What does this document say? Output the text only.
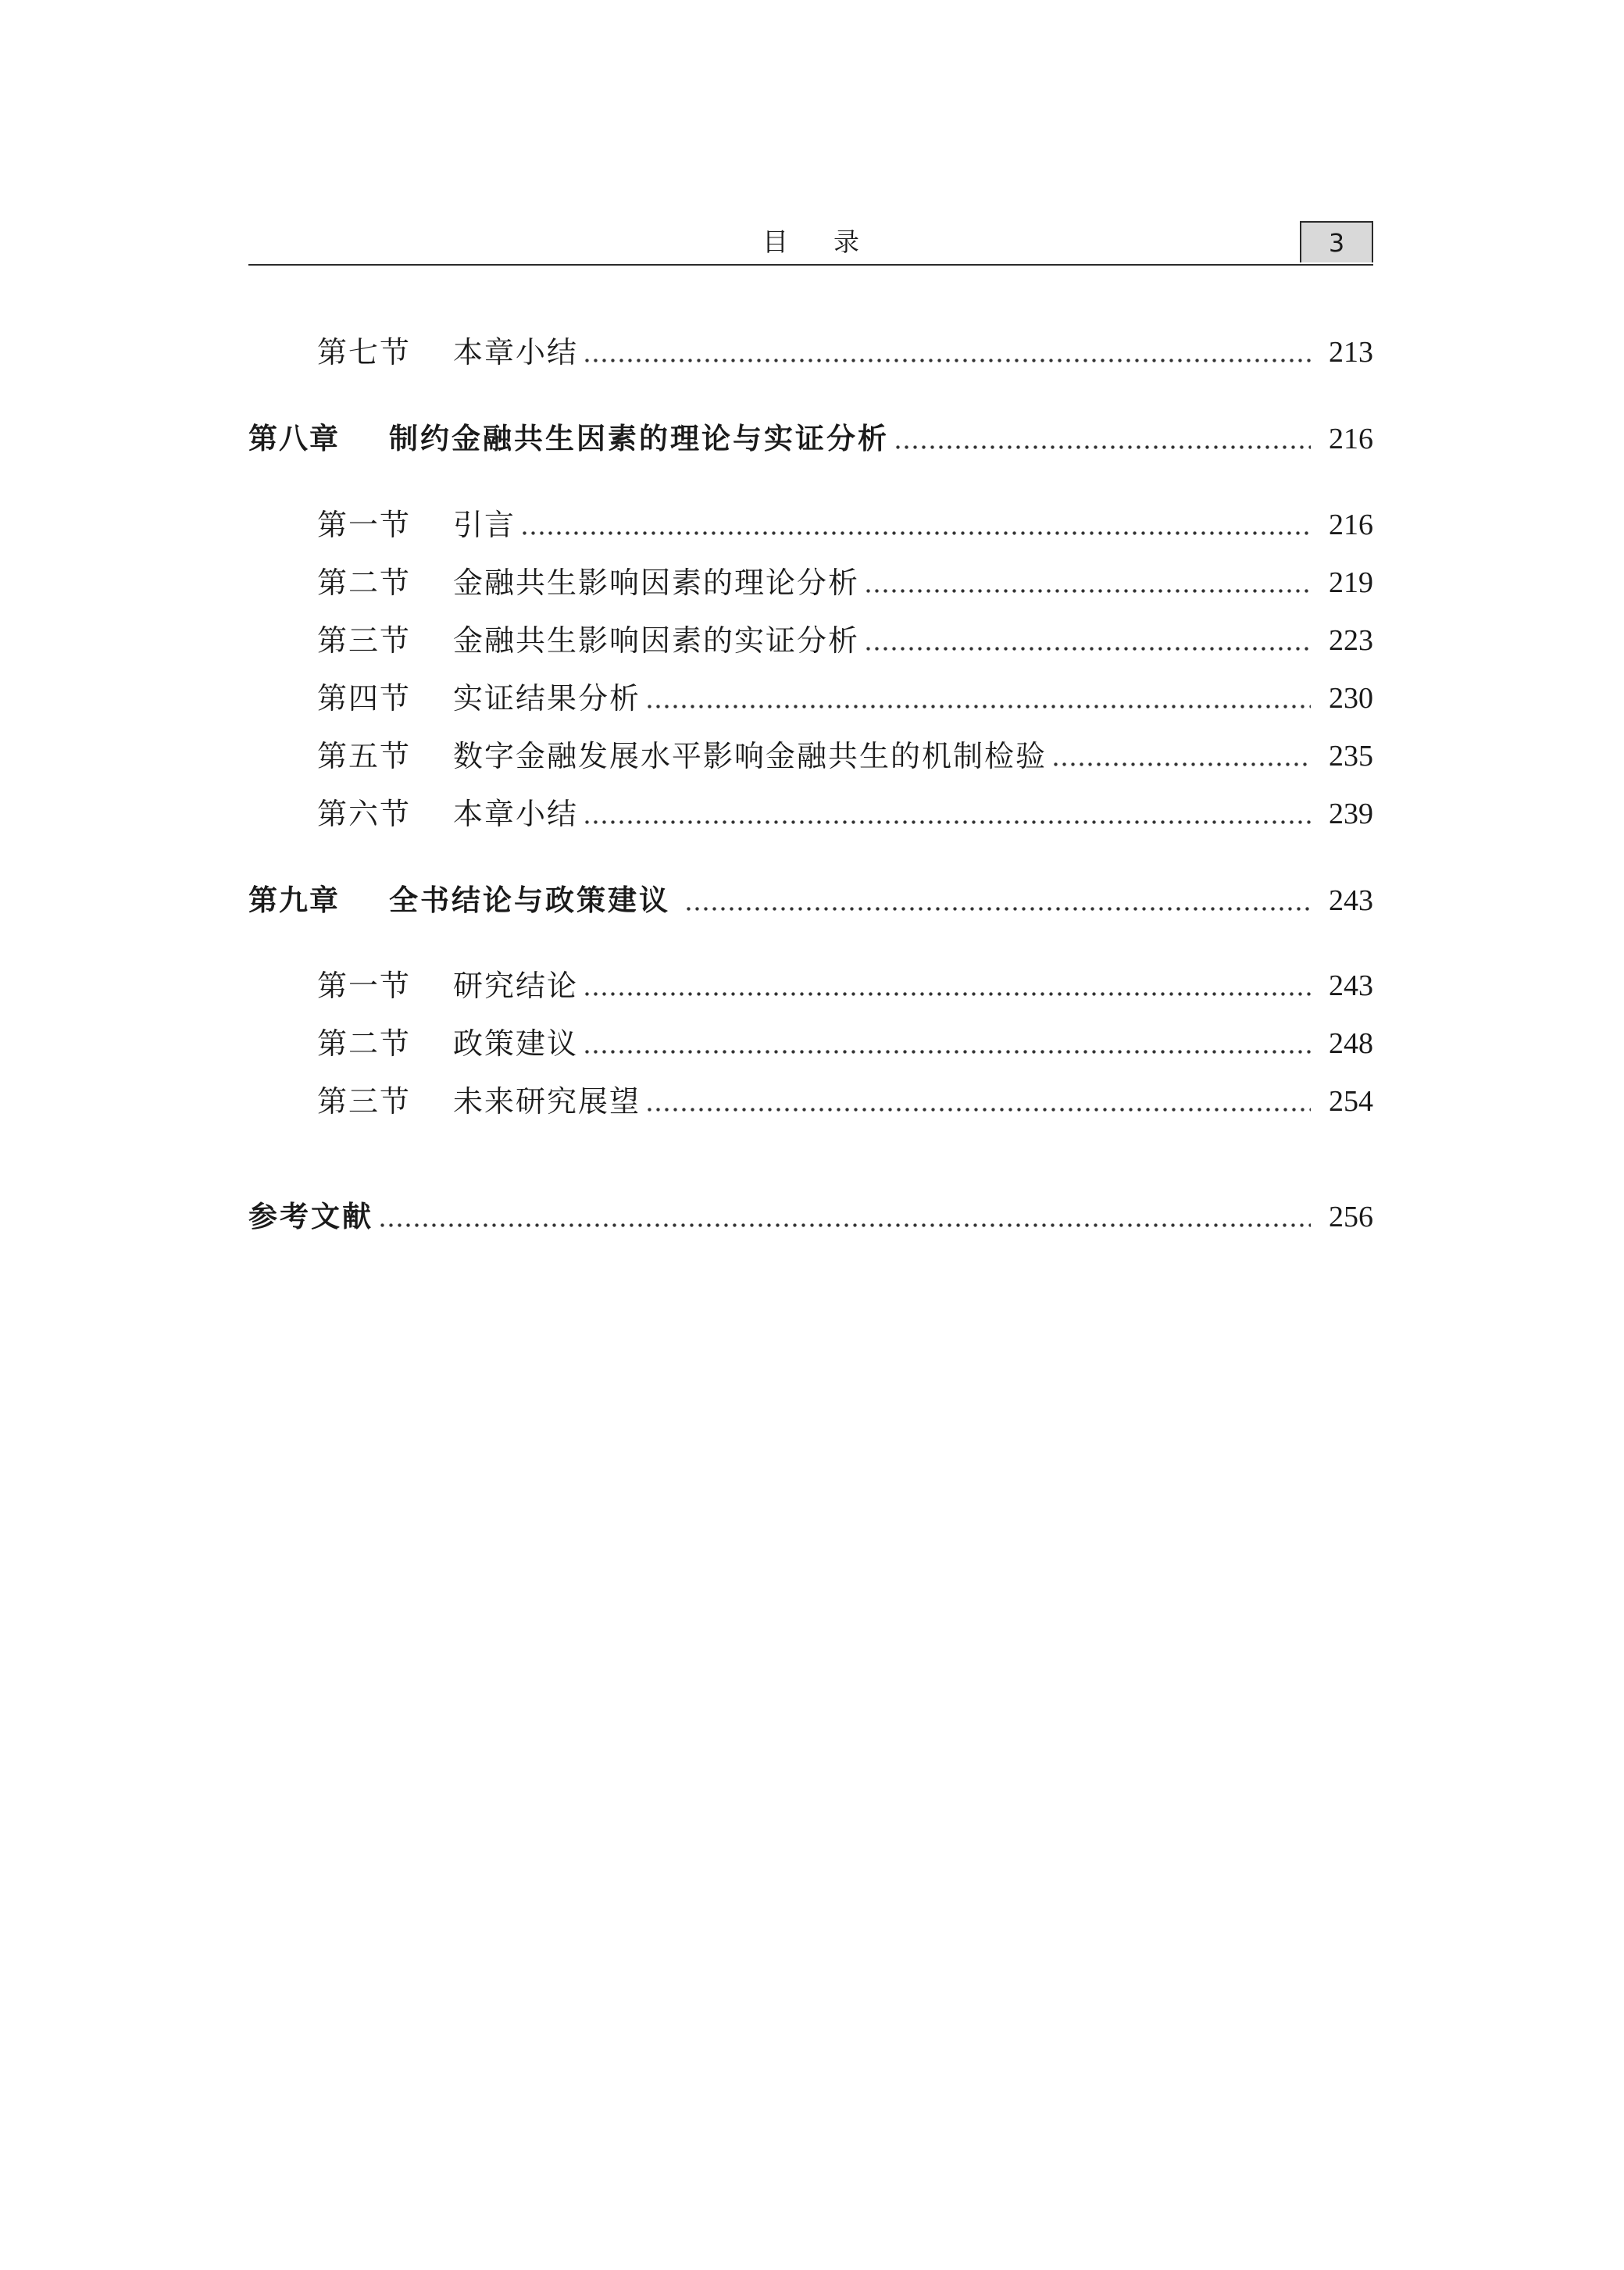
目录	3
第七节	本章小结	213
第八章	制约金融共生因素的理论与实证分析	216
第一节	引言	216
第二节	金融共生影响因素的理论分析	219
第三节	金融共生影响因素的实证分析	223
第四节	实证结果分析	230
第五节	数字金融发展水平影响金融共生的机制检验	235
第六节	本章小结	239
第九章	全书结论与政策建议	243
第一节	研究结论	243
第二节	政策建议	248
第三节	未来研究展望	254
参考文献	256
